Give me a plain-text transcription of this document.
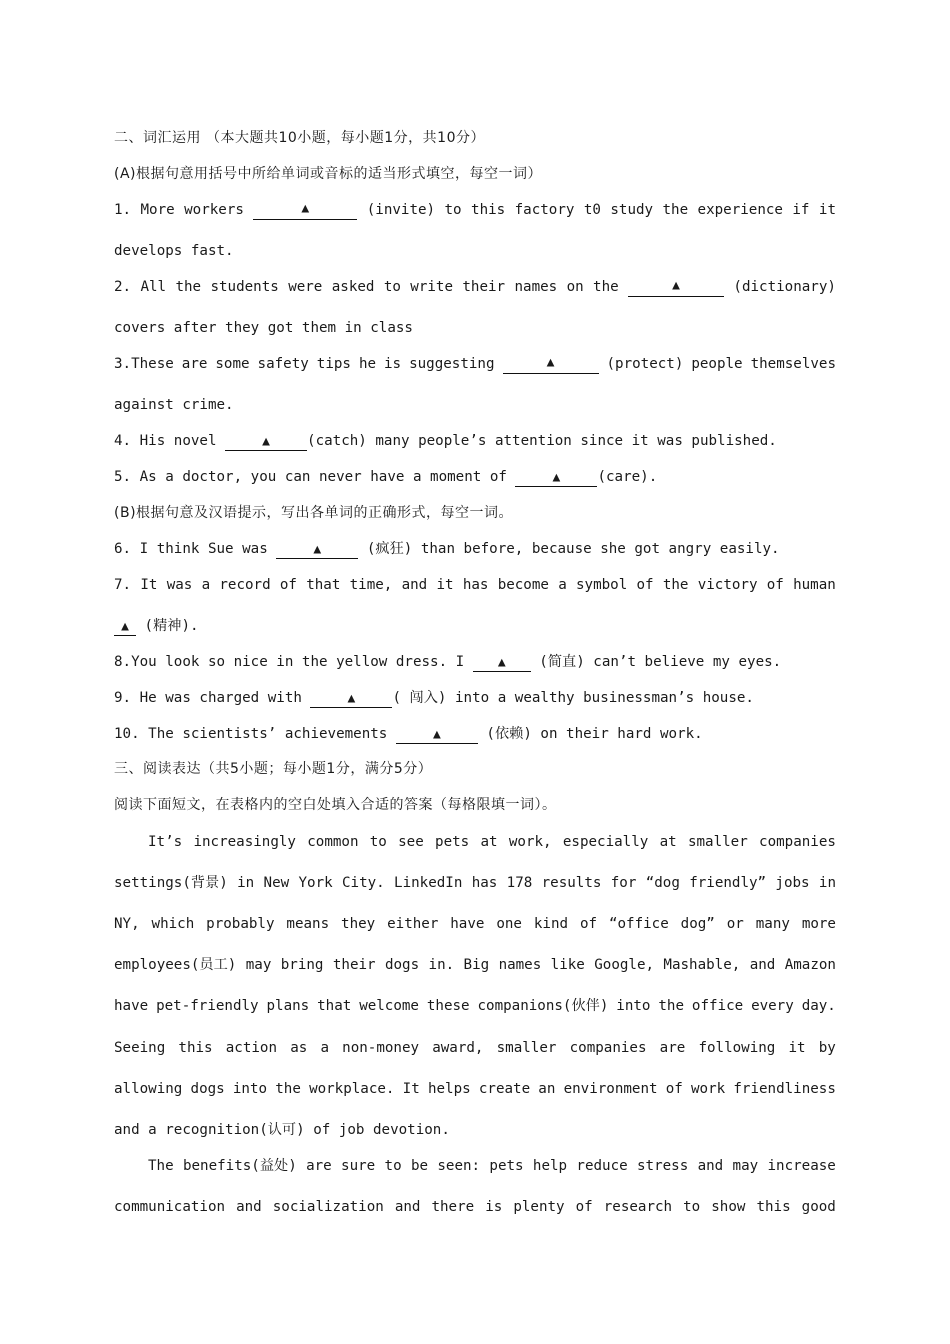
二、词汇运用 （本大题共10小题，每小题1分，共10分）
(A)根据句意用括号中所给单词或音标的适当形式填空，每空一词）
1. More workers	▲	(invite) to this factory t0 study the experience if it
develops fast.
2. All the students were asked to write their names on the	▲	(dictionary)
covers after they got them in class
3.These are some safety tips he is suggesting	▲	(protect) people themselves
against crime.
4. His novel	▲	(catch) many people’s attention since it was published.
5. As a doctor, you can never have a moment of	▲	(care).
(B)根据句意及汉语提示，写出各单词的正确形式，每空一词。
6. I think Sue was	▲	(疯狂) than before, because she got angry easily.
7. It was a record of that time, and it has become a symbol of the victory of human
▲ (精神).
8.You look so nice in the yellow dress. I ▲ (简直) can’t believe my eyes.
9. He was charged with	▲	( 闯入) into a wealthy businessman’s house.
10. The scientists’ achievements	▲	(依赖) on their hard work.
三、阅读表达（共5小题；每小题1分，满分5分）
阅读下面短文，在表格内的空白处填入合适的答案（每格限填一词）。
It’s increasingly common to see pets at work, especially at smaller companies
settings(背景) in New York City. LinkedIn has 178 results for “dog friendly” jobs in
NY, which probably means they either have one kind of “office dog” or many more
employees(员工) may bring their dogs in. Big names like Google, Mashable, and Amazon
have pet-friendly plans that welcome these companions(伙伴) into the office every day.
Seeing this action as a non-money award, smaller companies are following it by
allowing dogs into the workplace. It helps create an environment of work friendliness
and a recognition(认可) of job devotion.
The benefits(益处) are sure to be seen: pets help reduce stress and may increase
communication and socialization and there is plenty of research to show this good
